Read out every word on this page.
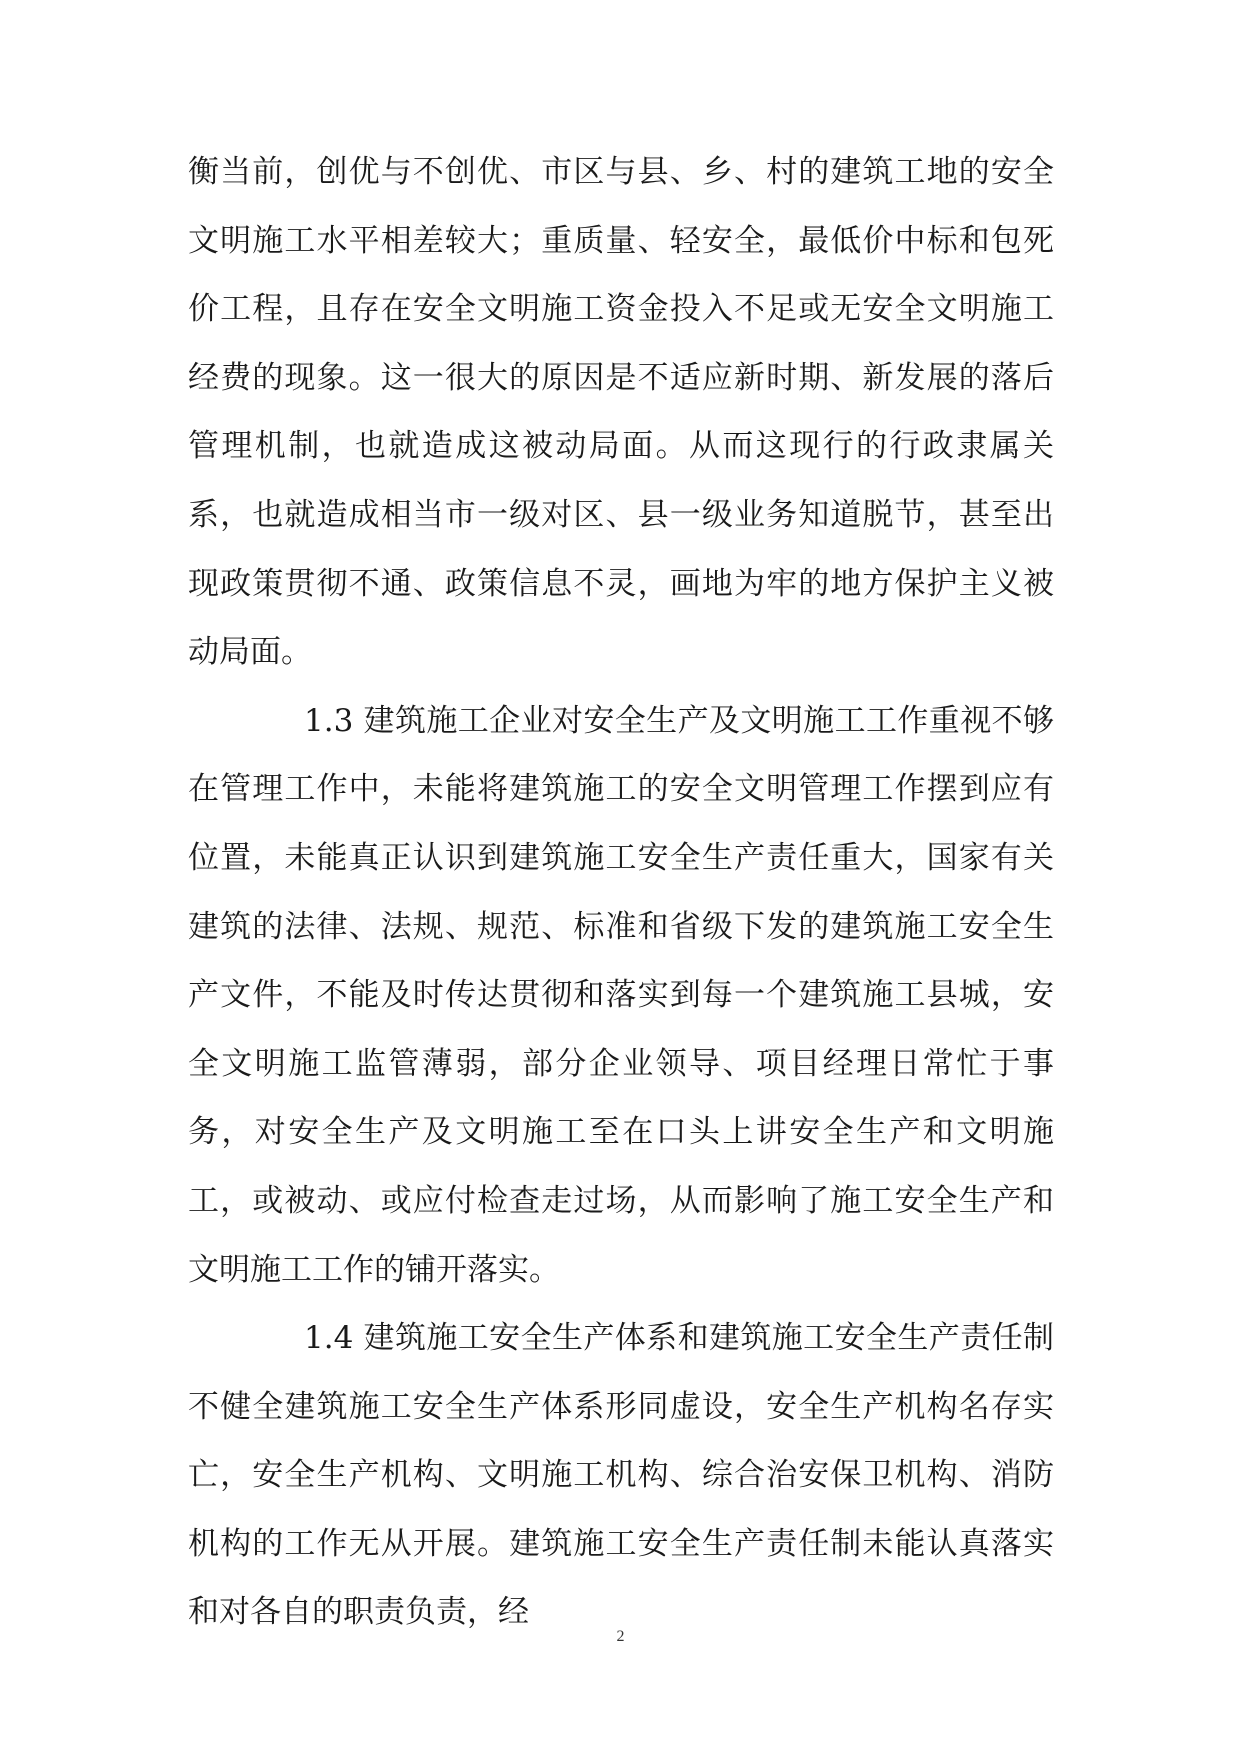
衡当前，创优与不创优、市区与县、乡、村的建筑工地的安全文明施工水平相差较大；重质量、轻安全，最低价中标和包死价工程，且存在安全文明施工资金投入不足或无安全文明施工经费的现象。这一很大的原因是不适应新时期、新发展的落后管理机制，也就造成这被动局面。从而这现行的行政隶属关系，也就造成相当市一级对区、县一级业务知道脱节，甚至出现政策贯彻不通、政策信息不灵，画地为牢的地方保护主义被动局面。

1.3 建筑施工企业对安全生产及文明施工工作重视不够在管理工作中，未能将建筑施工的安全文明管理工作摆到应有位置，未能真正认识到建筑施工安全生产责任重大，国家有关建筑的法律、法规、规范、标准和省级下发的建筑施工安全生产文件，不能及时传达贯彻和落实到每一个建筑施工县城，安全文明施工监管薄弱，部分企业领导、项目经理日常忙于事务，对安全生产及文明施工至在口头上讲安全生产和文明施工，或被动、或应付检查走过场，从而影响了施工安全生产和文明施工工作的铺开落实。

1.4 建筑施工安全生产体系和建筑施工安全生产责任制不健全建筑施工安全生产体系形同虚设，安全生产机构名存实亡，安全生产机构、文明施工机构、综合治安保卫机构、消防机构的工作无从开展。建筑施工安全生产责任制未能认真落实和对各自的职责负责，经

2
